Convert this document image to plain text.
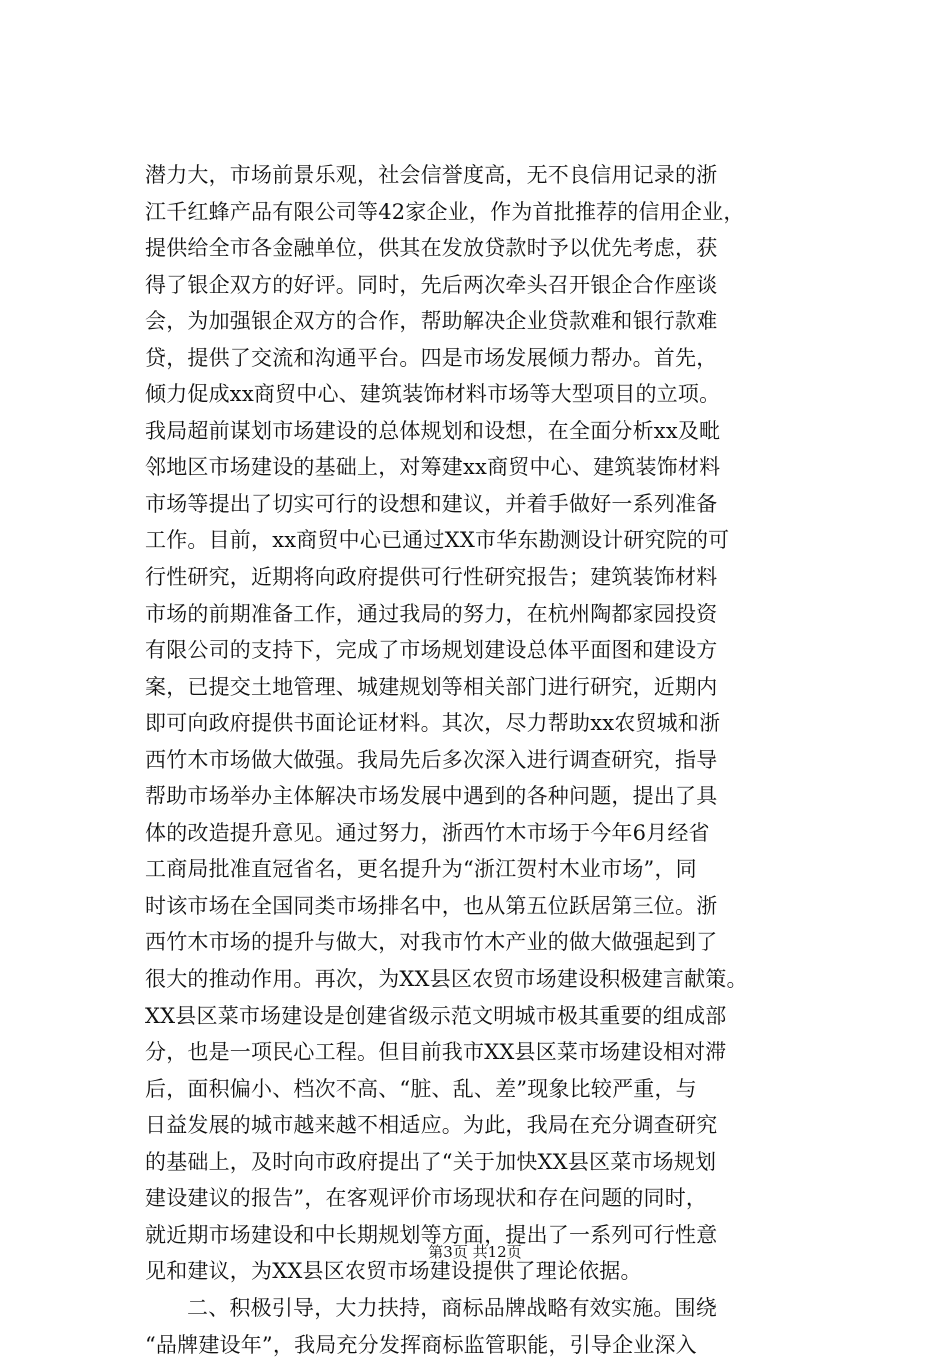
潜力大，市场前景乐观，社会信誉度高，无不良信用记录的浙
江千红蜂产品有限公司等42家企业，作为首批推荐的信用企业，
提供给全市各金融单位，供其在发放贷款时予以优先考虑，获
得了银企双方的好评。同时，先后两次牵头召开银企合作座谈
会，为加强银企双方的合作，帮助解决企业贷款难和银行款难
贷，提供了交流和沟通平台。四是市场发展倾力帮办。首先，
倾力促成xx商贸中心、建筑装饰材料市场等大型项目的立项。
我局超前谋划市场建设的总体规划和设想，在全面分析xx及毗
邻地区市场建设的基础上，对筹建xx商贸中心、建筑装饰材料
市场等提出了切实可行的设想和建议，并着手做好一系列准备
工作。目前，xx商贸中心已通过XX市华东勘测设计研究院的可
行性研究，近期将向政府提供可行性研究报告；建筑装饰材料
市场的前期准备工作，通过我局的努力，在杭州陶都家园投资
有限公司的支持下，完成了市场规划建设总体平面图和建设方
案，已提交土地管理、城建规划等相关部门进行研究，近期内
即可向政府提供书面论证材料。其次，尽力帮助xx农贸城和浙
西竹木市场做大做强。我局先后多次深入进行调查研究，指导
帮助市场举办主体解决市场发展中遇到的各种问题，提出了具
体的改造提升意见。通过努力，浙西竹木市场于今年6月经省
工商局批准直冠省名，更名提升为“浙江贺村木业市场”，同
时该市场在全国同类市场排名中，也从第五位跃居第三位。浙
西竹木市场的提升与做大，对我市竹木产业的做大做强起到了
很大的推动作用。再次，为XX县区农贸市场建设积极建言献策。
XX县区菜市场建设是创建省级示范文明城市极其重要的组成部
分，也是一项民心工程。但目前我市XX县区菜市场建设相对滞
后，面积偏小、档次不高、“脏、乱、差”现象比较严重，与
日益发展的城市越来越不相适应。为此，我局在充分调查研究
的基础上，及时向市政府提出了“关于加快XX县区菜市场规划
建设建议的报告”，在客观评价市场现状和存在问题的同时，
就近期市场建设和中长期规划等方面，提出了一系列可行性意
见和建议，为XX县区农贸市场建设提供了理论依据。
二、积极引导，大力扶持，商标品牌战略有效实施。围绕
“品牌建设年”，我局充分发挥商标监管职能，引导企业深入
第3页 共12页
